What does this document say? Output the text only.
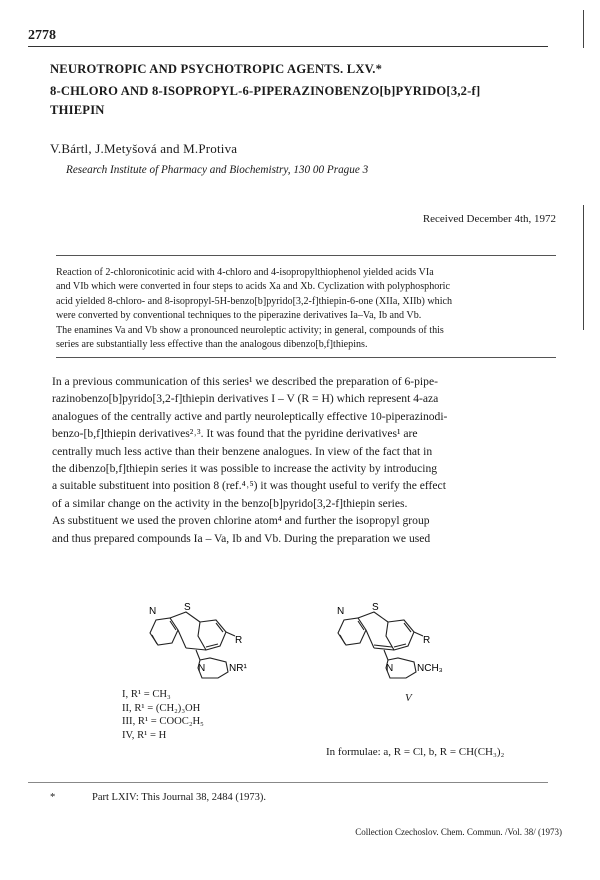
2778
NEUROTROPIC AND PSYCHOTROPIC AGENTS. LXV.*
8-CHLORO AND 8-ISOPROPYL-6-PIPERAZINOBENZO[b]PYRIDO[3,2-f]
THIEPIN
V.Bártl, J.Metyšová and M.Protiva
Research Institute of Pharmacy and Biochemistry, 130 00 Prague 3
Received December 4th, 1972
Reaction of 2-chloronicotinic acid with 4-chloro and 4-isopropylthiophenol yielded acids VIa
and VIb which were converted in four steps to acids Xa and Xb. Cyclization with polyphosphoric
acid yielded 8-chloro- and 8-isopropyl-5H-benzo[b]pyrido[3,2-f]thiepin-6-one (XIIa, XIIb) which
were converted by conventional techniques to the piperazine derivatives Ia–Va, Ib and Vb.
The enamines Va and Vb show a pronounced neuroleptic activity; in general, compounds of this
series are substantially less effective than the analogous dibenzo[b,f]thiepins.
In a previous communication of this series¹ we described the preparation of 6-pipe-
razinobenzo[b]pyrido[3,2-f]thiepin derivatives I – V (R = H) which represent 4-aza
analogues of the centrally active and partly neuroleptically effective 10-piperazinodi-
benzo-[b,f]thiepin derivatives²˒³. It was found that the pyridine derivatives¹ are
centrally much less active than their benzene analogues. In view of the fact that in
the dibenzo[b,f]thiepin series it was possible to increase the activity by introducing
a suitable substituent into position 8 (ref.⁴˒⁵) it was thought useful to verify the effect
of a similar change on the activity in the benzo[b]pyrido[3,2-f]thiepin series.
As substituent we used the proven chlorine atom⁴ and further the isopropyl group
and thus prepared compounds Ia – Va, Ib and Vb. During the preparation we used
N	S
R
N NR¹
N	S
R
N NCH₃
I, R¹ = CH₃
II, R¹ = (CH₂)₃OH
III, R¹ = COOC₂H₅
IV, R¹ = H
V
In formulae: a, R = Cl, b, R = CH(CH₃)₂
*	Part LXIV: This Journal 38, 2484 (1973).
Collection Czechoslov. Chem. Commun. /Vol. 38/ (1973)
